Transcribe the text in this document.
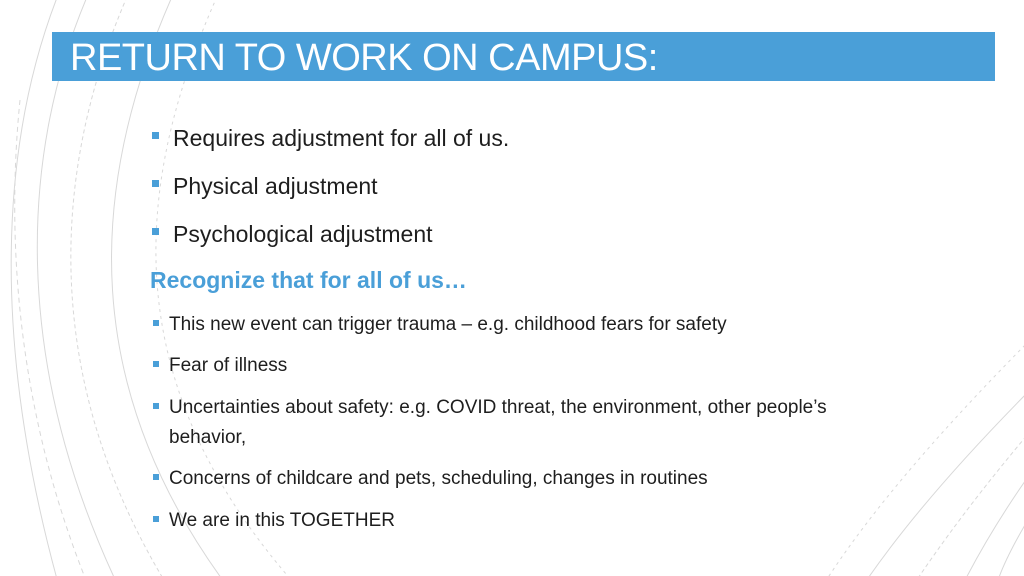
RETURN TO WORK ON CAMPUS:
Requires adjustment for all of us.
Physical adjustment
Psychological adjustment

Recognize that for all of us…

This new event can trigger trauma – e.g. childhood fears for safety
Fear of illness
Uncertainties about safety: e.g. COVID threat, the environment, other people’s behavior,
Concerns of childcare and pets, scheduling, changes in routines
We are in this TOGETHER
